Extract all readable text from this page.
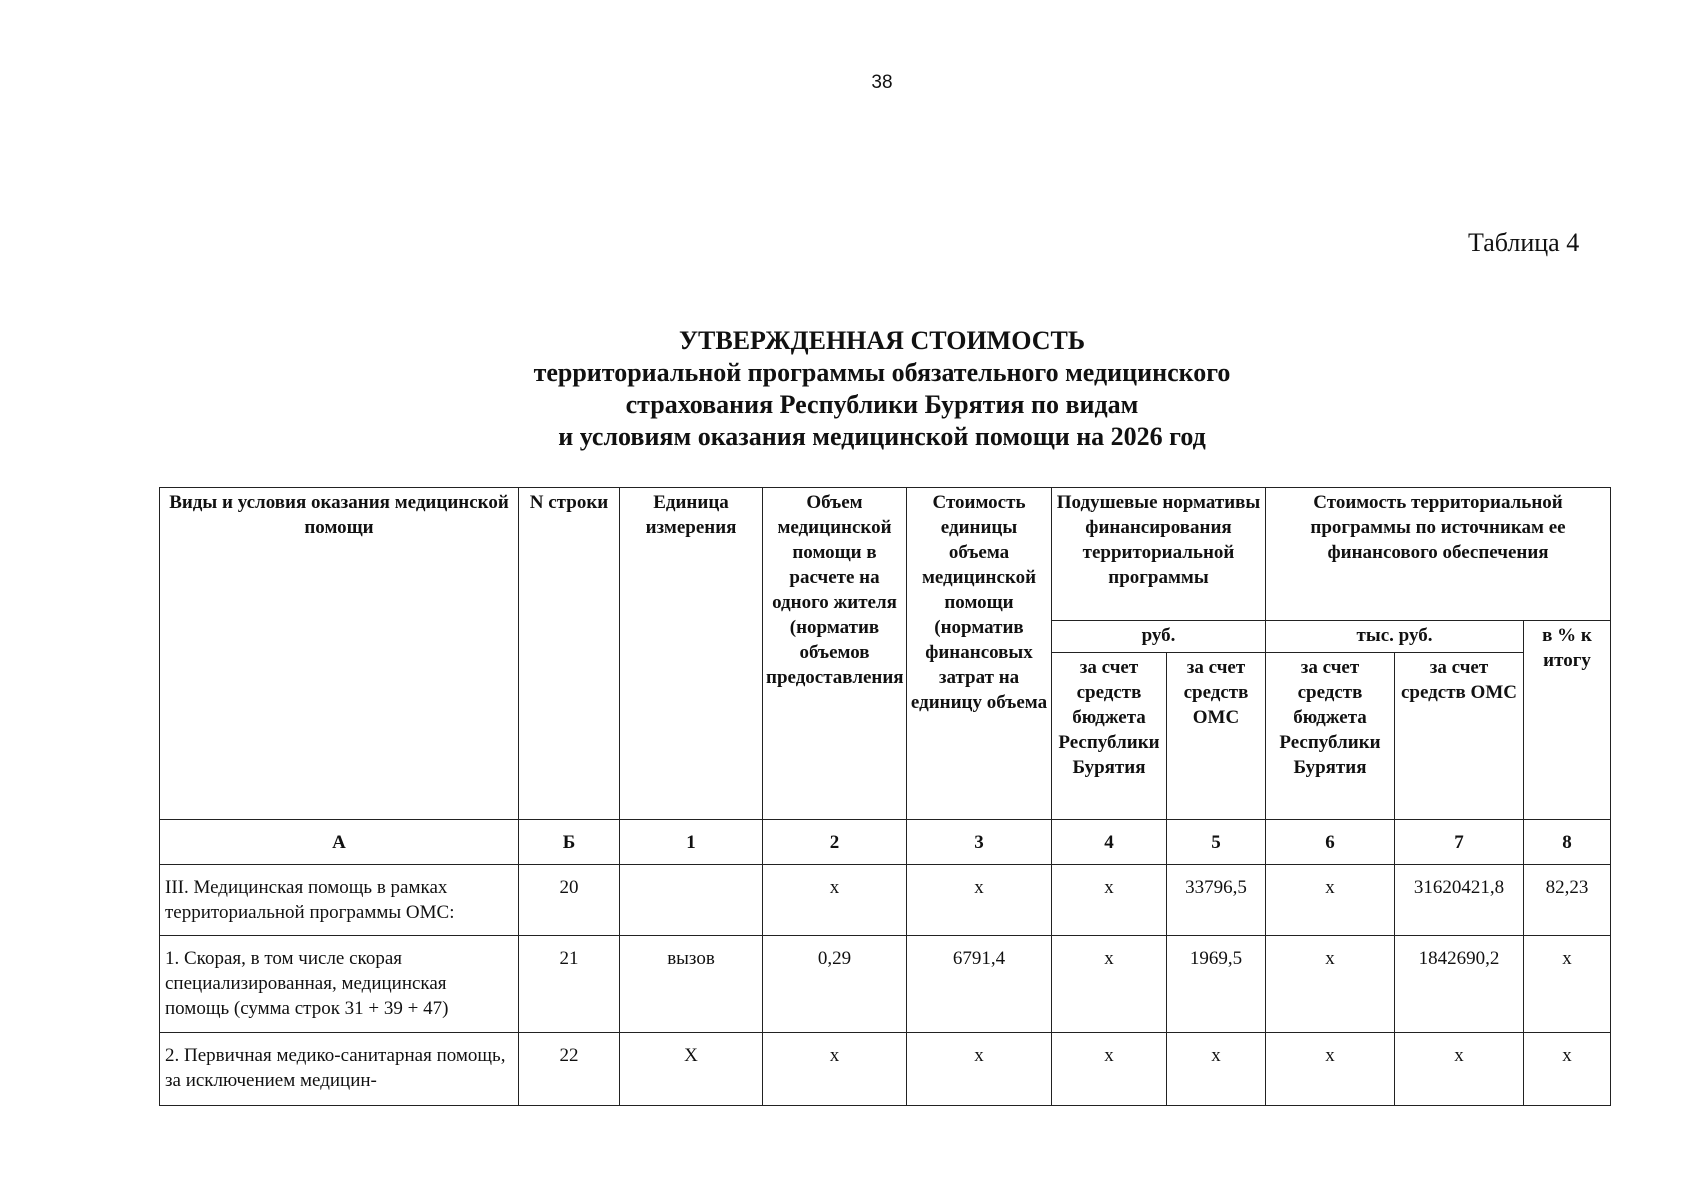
38
Таблица 4
УТВЕРЖДЕННАЯ СТОИМОСТЬ
территориальной программы обязательного медицинского
страхования Республики Бурятия по видам
и условиям оказания медицинской помощи на 2026 год
Виды и условия оказания медицинской помощи	N строки	Единица измерения	Объем медицинской помощи в расчете на одного жителя (норматив объемов предоставления	Стоимость единицы объема медицинской помощи (норматив финансовых затрат на единицу объема	Подушевые нормативы финансирования территориальной программы		Стоимость территориальной программы по источникам ее финансового обеспечения		
					руб.		тыс. руб.		в % к итогу
					за счет средств бюджета Республики Бурятия	за счет средств ОМС	за счет средств бюджета Республики Бурятия	за счет средств ОМС	
А	Б	1	2	3	4	5	6	7	8
III. Медицинская помощь в рамках территориальной программы ОМС:	20		х	х	х	33796,5	х	31620421,8	82,23
1. Скорая, в том числе скорая специализированная, медицинская помощь (сумма строк 31 + 39 + 47)	21	вызов	0,29	6791,4	х	1969,5	х	1842690,2	х
2. Первичная медико-санитарная помощь, за исключением медицин-	22	Х	х	х	х	х	х	х	х
